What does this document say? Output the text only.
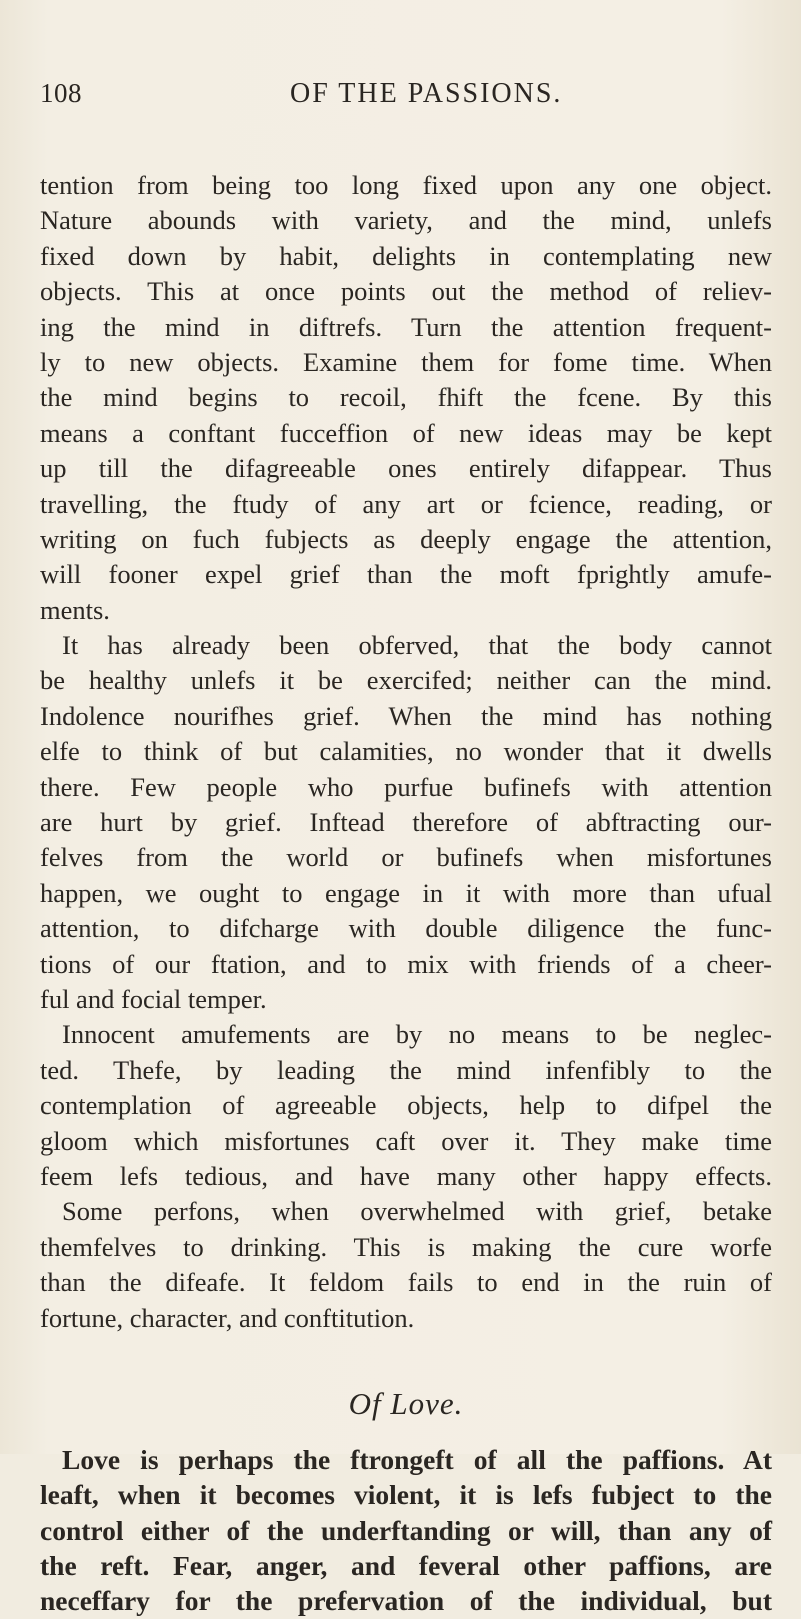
108	OF THE PASSIONS.
tention from being too long fixed upon any one object.
Nature abounds with variety, and the mind, unlefs
fixed down by habit, delights in contemplating new
objects. This at once points out the method of reliev-
ing the mind in diftrefs. Turn the attention frequent-
ly to new objects. Examine them for fome time. When
the mind begins to recoil, fhift the fcene. By this
means a conftant fucceffion of new ideas may be kept
up till the difagreeable ones entirely difappear. Thus
travelling, the ftudy of any art or fcience, reading, or
writing on fuch fubjects as deeply engage the attention,
will fooner expel grief than the moft fprightly amufe-
ments.
It has already been obferved, that the body cannot
be healthy unlefs it be exercifed; neither can the mind.
Indolence nourifhes grief. When the mind has nothing
elfe to think of but calamities, no wonder that it dwells
there. Few people who purfue bufinefs with attention
are hurt by grief. Inftead therefore of abftracting our-
felves from the world or bufinefs when misfortunes
happen, we ought to engage in it with more than ufual
attention, to difcharge with double diligence the func-
tions of our ftation, and to mix with friends of a cheer-
ful and focial temper.
Innocent amufements are by no means to be neglec-
ted. Thefe, by leading the mind infenfibly to the
contemplation of agreeable objects, help to difpel the
gloom which misfortunes caft over it. They make time
feem lefs tedious, and have many other happy effects.
Some perfons, when overwhelmed with grief, betake
themfelves to drinking. This is making the cure worfe
than the difeafe. It feldom fails to end in the ruin of
fortune, character, and conftitution.
Of Love.
Love is perhaps the ftrongeft of all the paffions. At
leaft, when it becomes violent, it is lefs fubject to the
control either of the underftanding or will, than any of
the reft. Fear, anger, and feveral other paffions, are
neceffary for the prefervation of the individual, but
